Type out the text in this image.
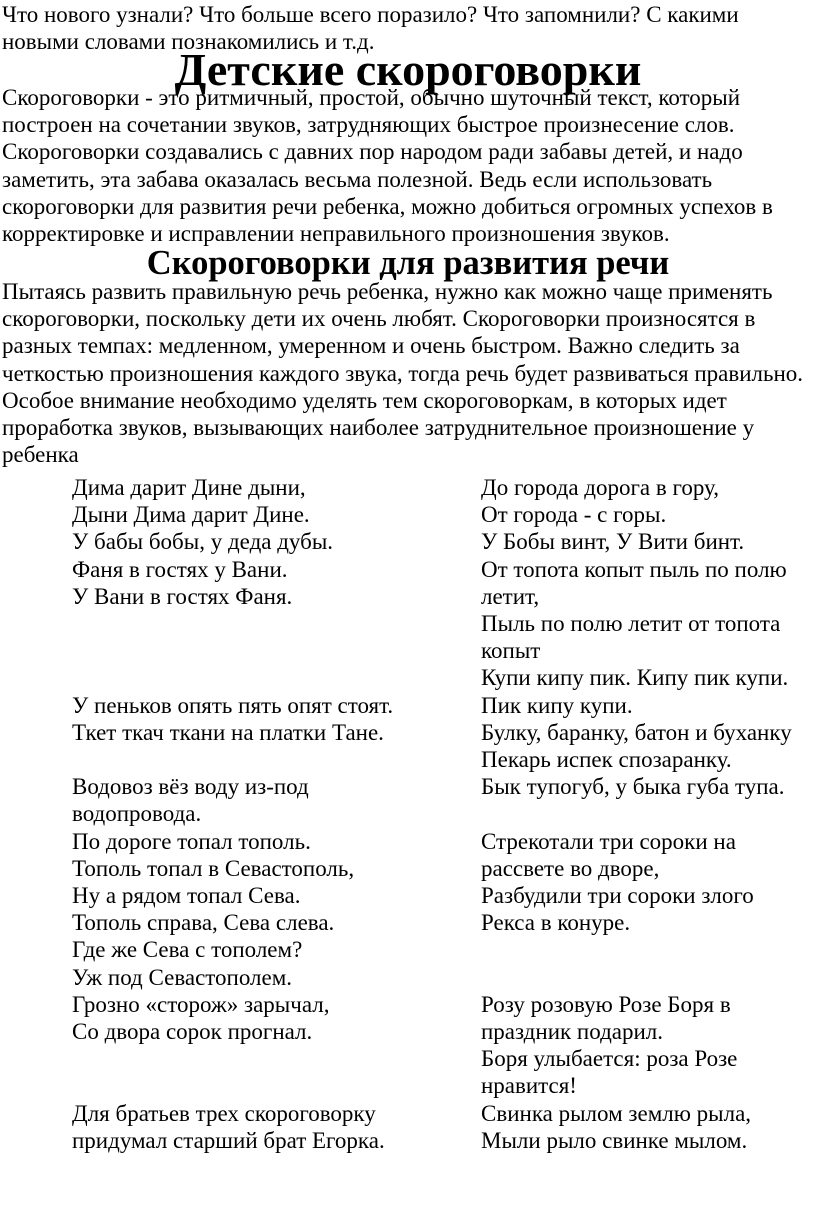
Что нового узнали? Что больше всего поразило? Что запомнили? С какими новыми словами познакомились и т.д.

Детские скороговорки

Скороговорки - это ритмичный, простой, обычно шуточный текст, который построен на сочетании звуков, затрудняющих быстрое произнесение слов. Скороговорки создавались с давних пор народом ради забавы детей, и надо заметить, эта забава оказалась весьма полезной. Ведь если использовать скороговорки для развития речи ребенка, можно добиться огромных успехов в корректировке и исправлении неправильного произношения звуков.

Скороговорки для развития речи

Пытаясь развить правильную речь ребенка, нужно как можно чаще применять скороговорки, поскольку дети их очень любят. Скороговорки произносятся в разных темпах: медленном, умеренном и очень быстром. Важно следить за четкостью произношения каждого звука, тогда речь будет развиваться правильно. Особое внимание необходимо уделять тем скороговоркам, в которых идет проработка звуков, вызывающих наиболее затруднительное произношение у ребенка

Дима дарит Дине дыни,
Дыни Дима дарит Дине.
У бабы бобы, у деда дубы.
Фаня в гостях у Вани.
У Вани в гостях Фаня.
У пеньков опять пять опят стоят.
Ткет ткач ткани на платки Тане.
Водовоз вёз воду из-под водопровода.
По дороге топал тополь.
Тополь топал в Севастополь,
Ну а рядом топал Сева.
Тополь справа, Сева слева.
Где же Сева с тополем?
Уж под Севастополем.
Грозно «сторож» зарычал,
Со двора сорок прогнал.
Для братьев трех скороговорку придумал старший брат Егорка.
До города дорога в гору,
От города - с горы.
У Бобы винт, У Вити бинт.
От топота копыт пыль по полю летит,
Пыль по полю летит от топота копыт
Купи кипу пик. Кипу пик купи.
Пик кипу купи.
Булку, баранку, батон и буханку
Пекарь испек спозаранку.
Бык тупогуб, у быка губа тупа.
Стрекотали три сороки на рассвете во дворе,
Разбудили три сороки злого Рекса в конуре.
Розу розовую Розе Боря в праздник подарил.
Боря улыбается: роза Розе нравится!
Свинка рылом землю рыла,
Мыли рыло свинке мылом.
